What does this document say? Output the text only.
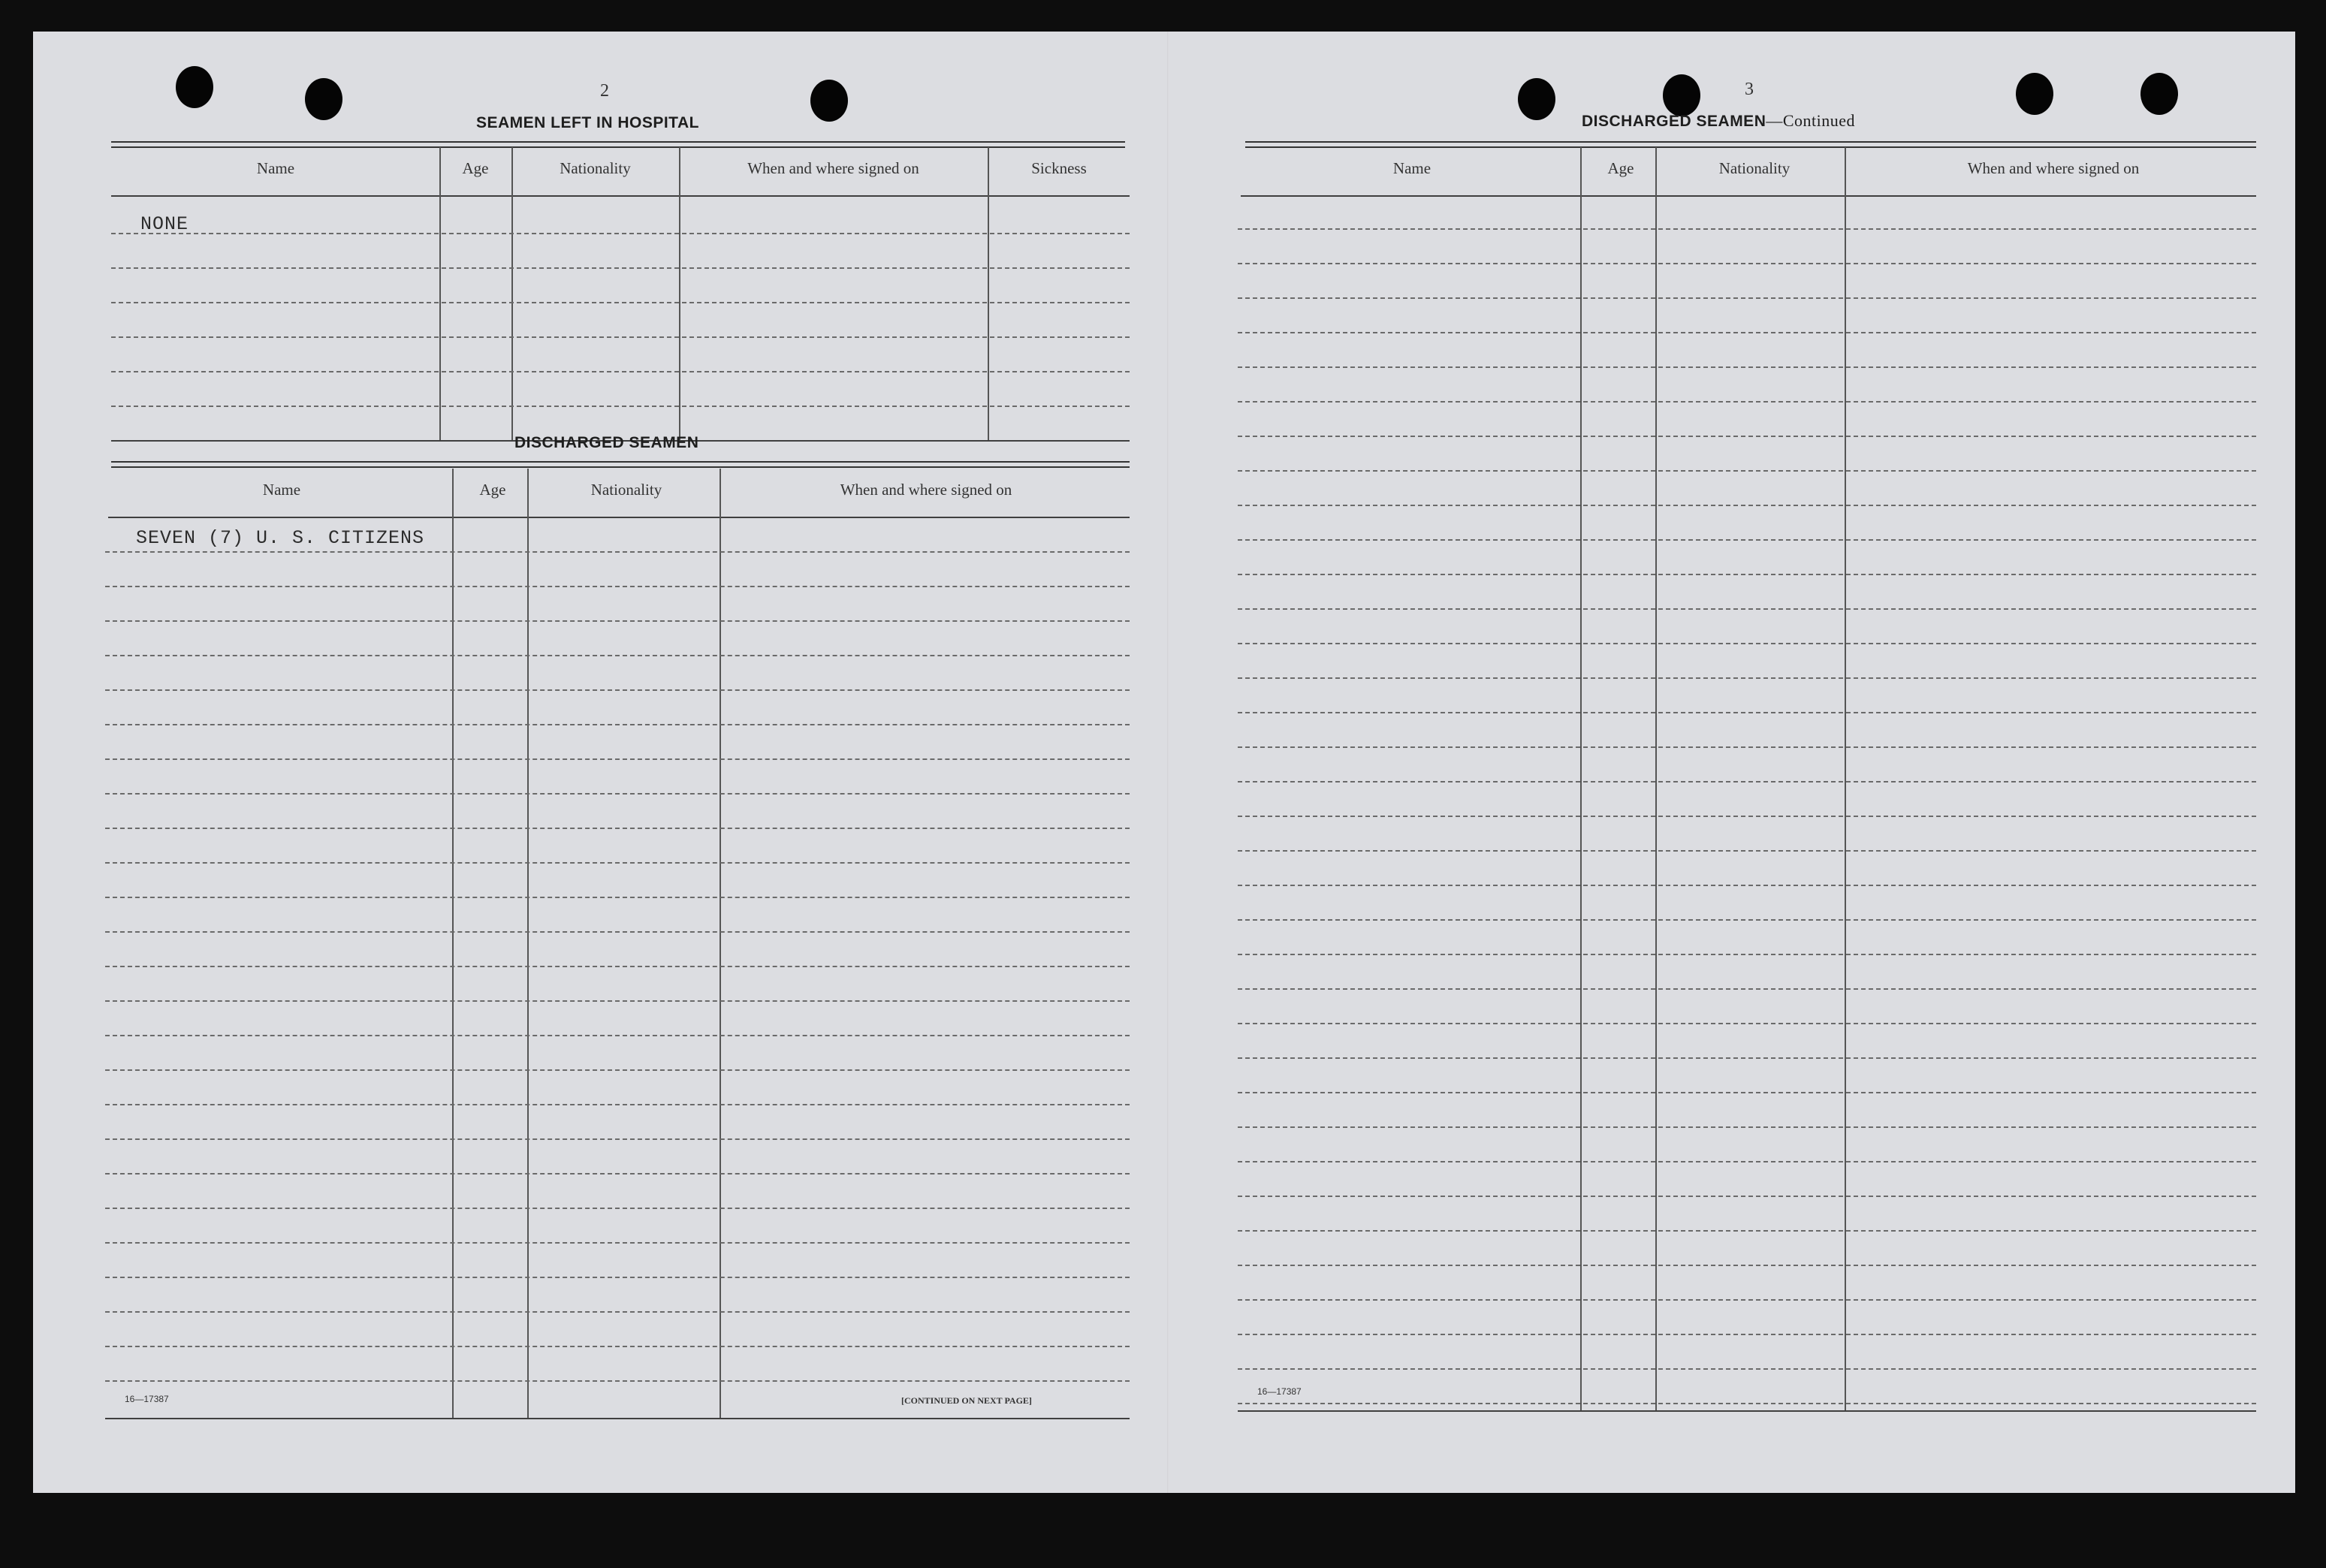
2
SEAMEN LEFT IN HOSPITAL
Name	Age	Nationality	When and where signed on	Sickness
NONE
DISCHARGED SEAMEN
Name	Age	Nationality	When and where signed on
SEVEN (7) U. S. CITIZENS
16—17387	[CONTINUED ON NEXT PAGE]
3
DISCHARGED SEAMEN—Continued
Name	Age	Nationality	When and where signed on
16—17387
